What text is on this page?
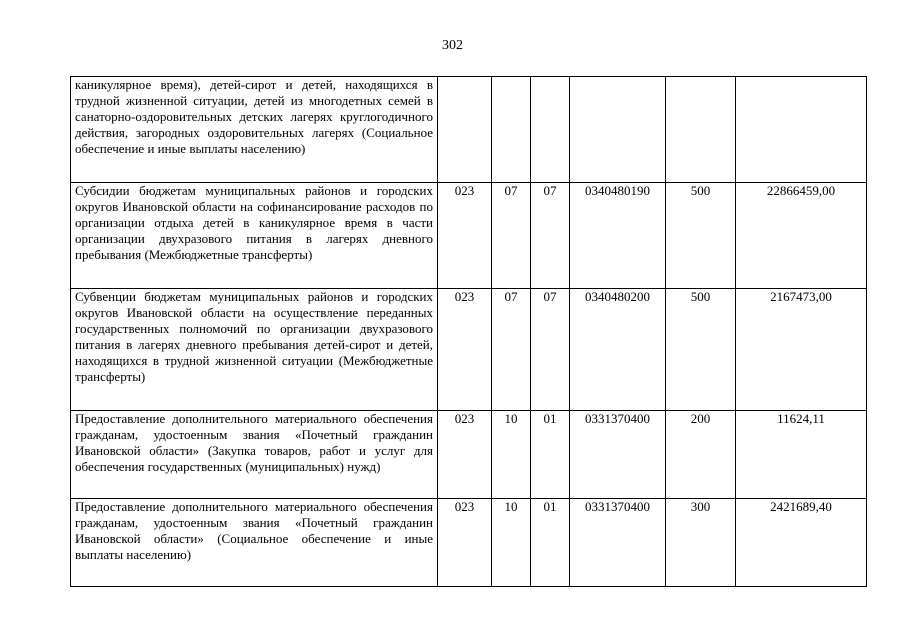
302
каникулярное время), детей-сирот и детей, находящихся в трудной жизненной ситуации, детей из многодетных семей в санаторно-оздоровительных детских лагерях круглогодичного действия, загородных оздоровительных лагерях (Социальное обеспечение и иные выплаты населению)						
Субсидии бюджетам муниципальных районов и городских округов Ивановской области на софинансирование расходов по организации отдыха детей в каникулярное время в части организации двухразового питания в лагерях дневного пребывания (Межбюджетные трансферты)	023	07	07	0340480190	500	22866459,00
Субвенции бюджетам муниципальных районов и городских округов Ивановской области на осуществление переданных государственных полномочий по организации двухразового питания в лагерях дневного пребывания детей-сирот и детей, находящихся в трудной жизненной ситуации (Межбюджетные трансферты)	023	07	07	0340480200	500	2167473,00
Предоставление дополнительного материального обеспечения гражданам, удостоенным звания «Почетный гражданин Ивановской области» (Закупка товаров, работ и услуг для обеспечения государственных (муниципальных) нужд)	023	10	01	0331370400	200	11624,11
Предоставление дополнительного материального обеспечения гражданам, удостоенным звания «Почетный гражданин Ивановской области» (Социальное обеспечение и иные выплаты населению)	023	10	01	0331370400	300	2421689,40
